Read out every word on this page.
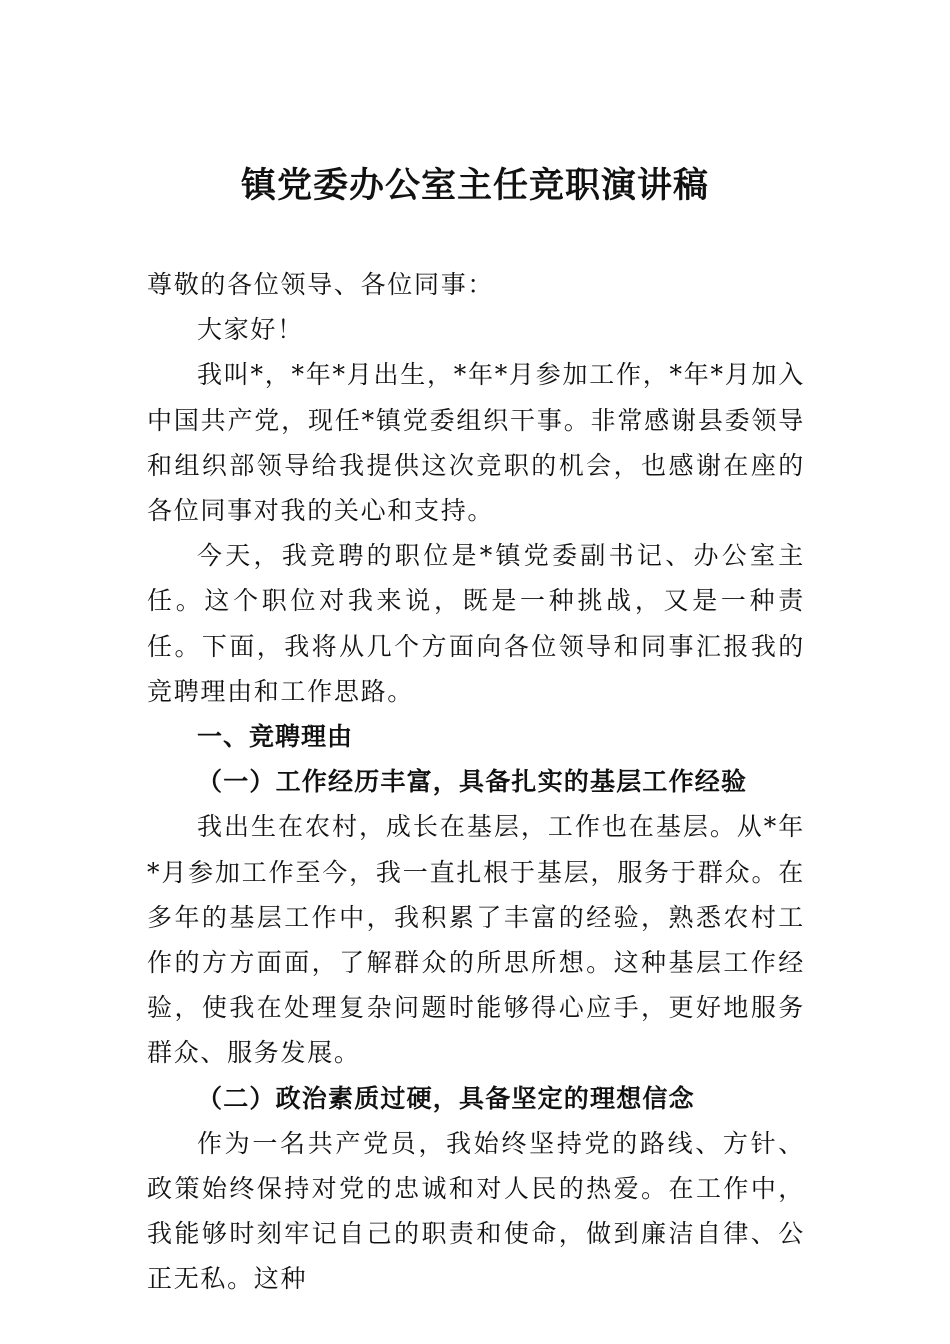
镇党委办公室主任竞职演讲稿

尊敬的各位领导、各位同事：

大家好！

我叫*，*年*月出生，*年*月参加工作，*年*月加入中国共产党，现任*镇党委组织干事。非常感谢县委领导和组织部领导给我提供这次竞职的机会，也感谢在座的各位同事对我的关心和支持。

今天，我竞聘的职位是*镇党委副书记、办公室主任。这个职位对我来说，既是一种挑战，又是一种责任。下面，我将从几个方面向各位领导和同事汇报我的竞聘理由和工作思路。

一、竞聘理由

（一）工作经历丰富，具备扎实的基层工作经验

我出生在农村，成长在基层，工作也在基层。从*年*月参加工作至今，我一直扎根于基层，服务于群众。在多年的基层工作中，我积累了丰富的经验，熟悉农村工作的方方面面，了解群众的所思所想。这种基层工作经验，使我在处理复杂问题时能够得心应手，更好地服务群众、服务发展。

（二）政治素质过硬，具备坚定的理想信念

作为一名共产党员，我始终坚持党的路线、方针、政策始终保持对党的忠诚和对人民的热爱。在工作中，我能够时刻牢记自己的职责和使命，做到廉洁自律、公正无私。这种
